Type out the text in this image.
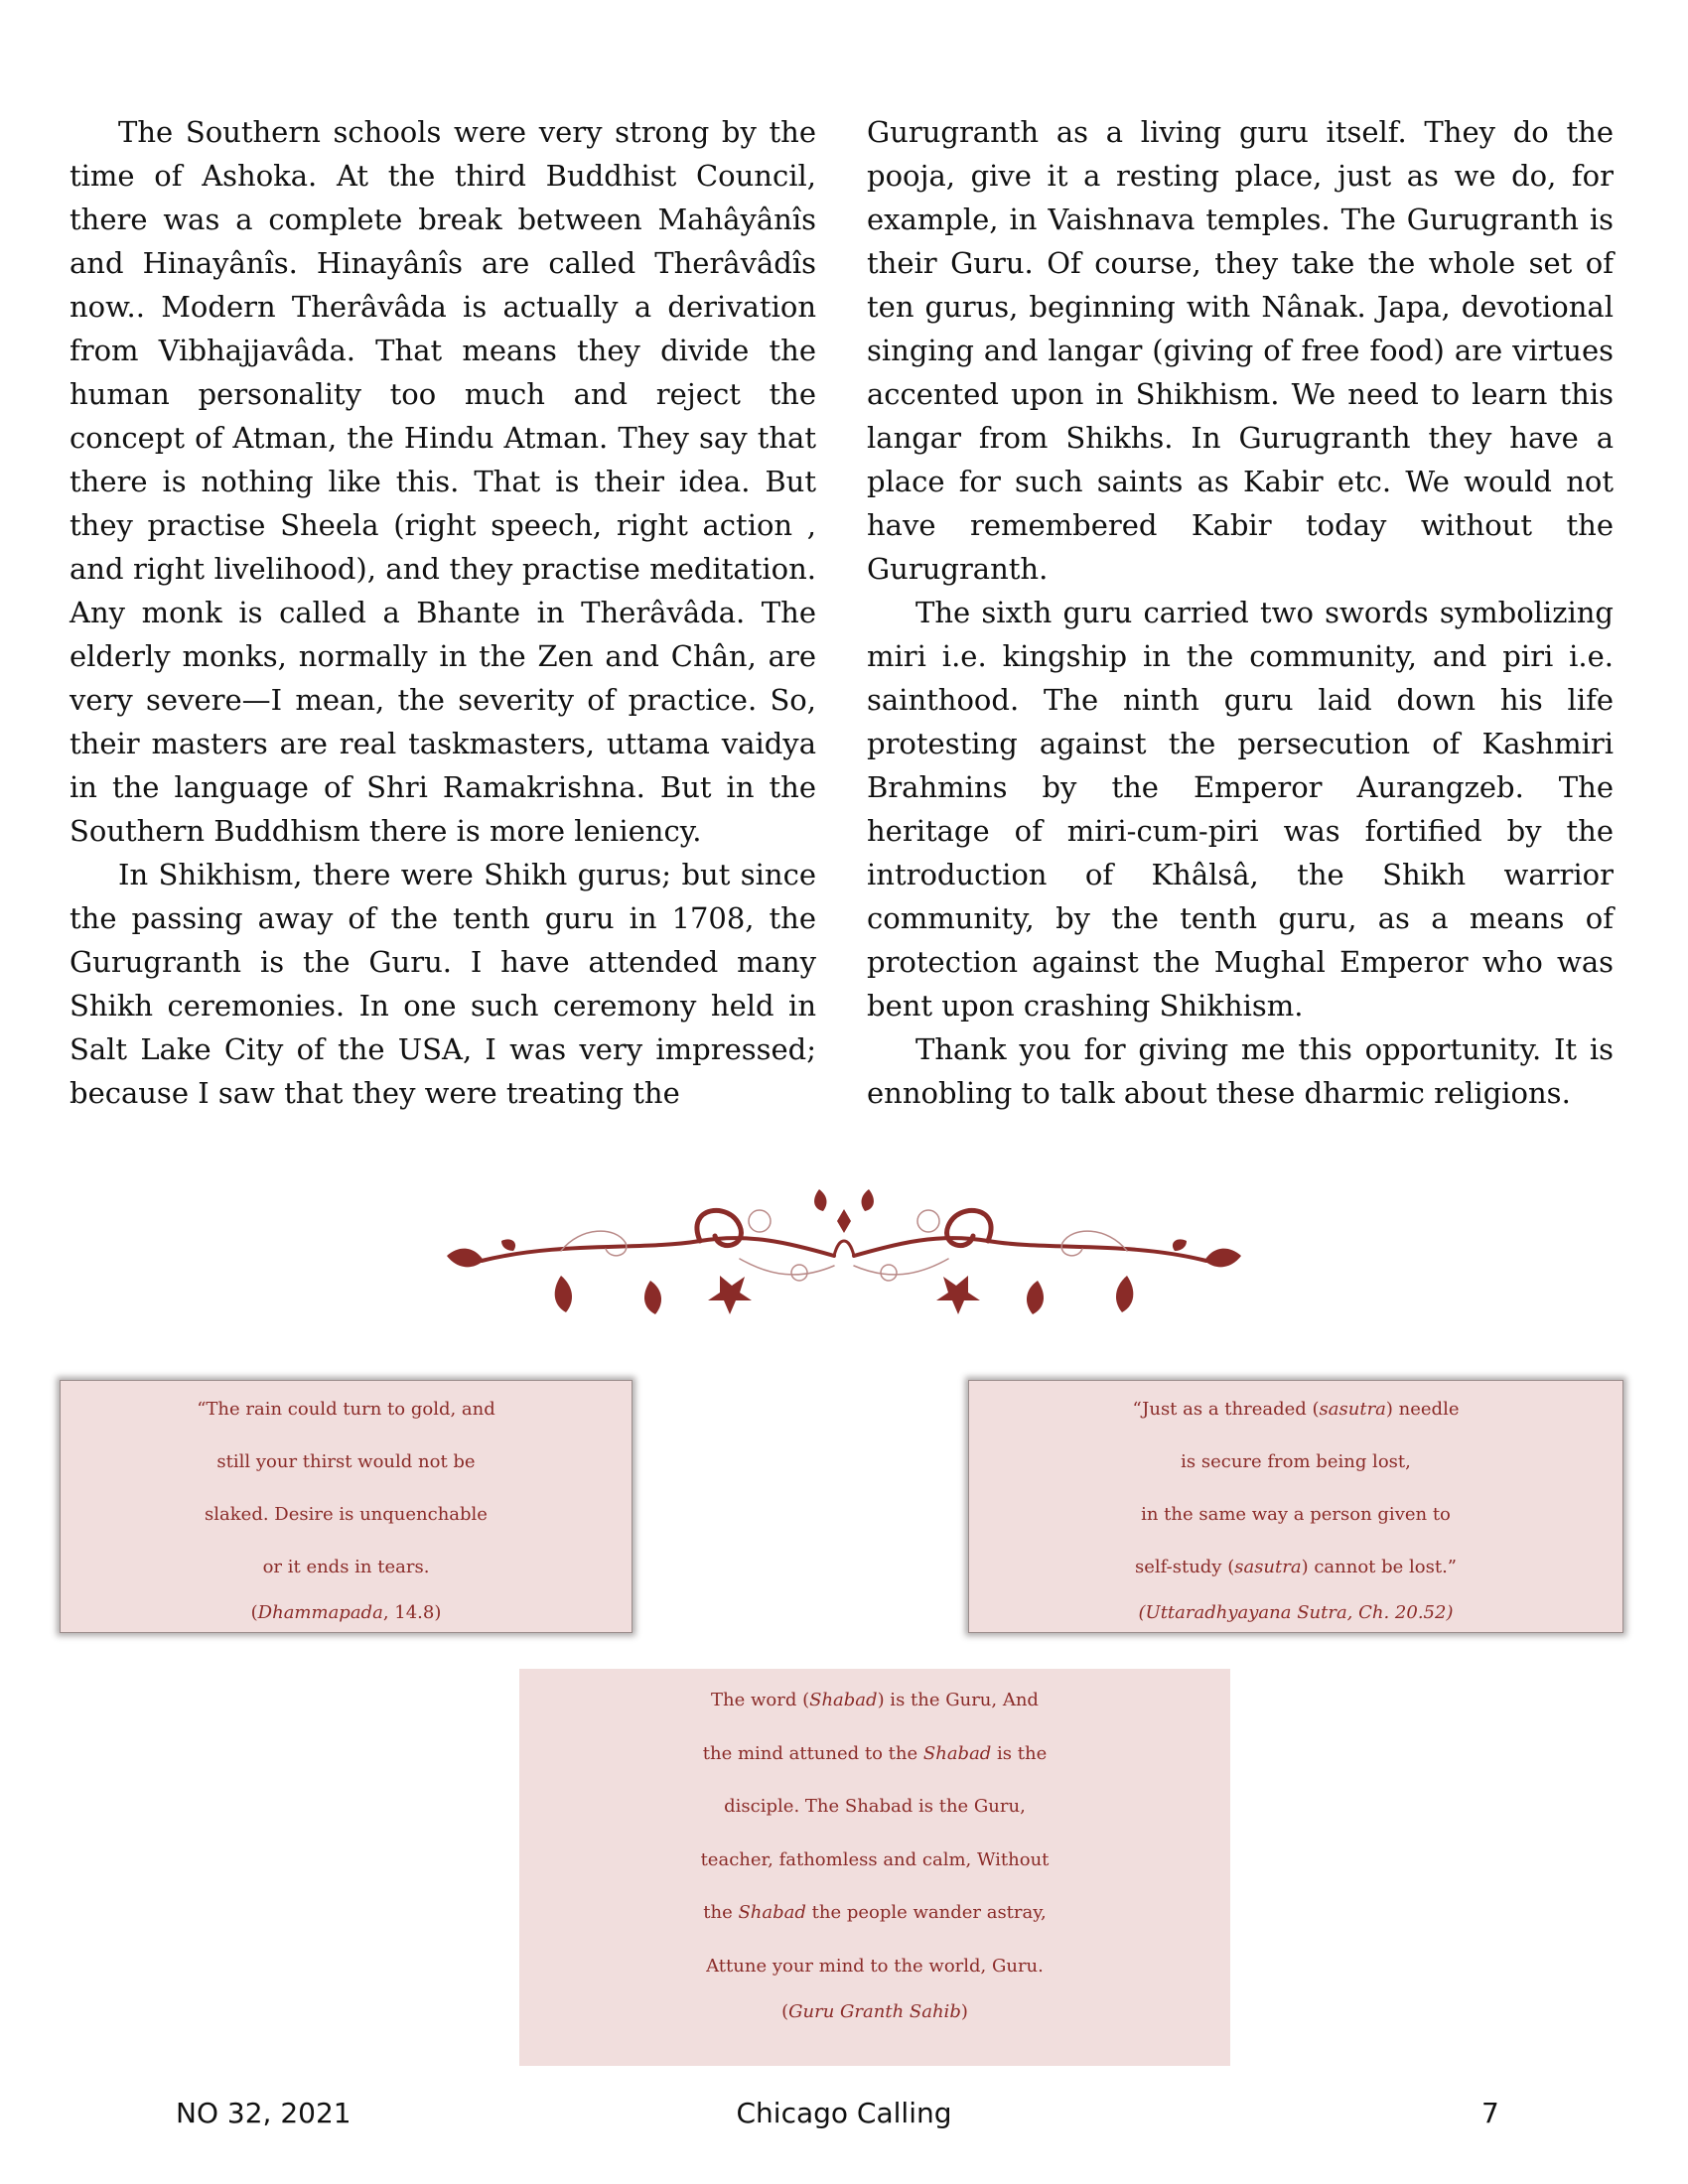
The Southern schools were very strong by the time of Ashoka. At the third Buddhist Council, there was a complete break between Mahâyânîs and Hinayânîs. Hinayânîs are called Therâvâdîs now.. Modern Therâvâda is actually a derivation from Vibhajjavâda. That means they divide the human personality too much and reject the concept of Atman, the Hindu Atman. They say that there is nothing like this. That is their idea. But they practise Sheela (right speech, right action , and right livelihood), and they practise meditation. Any monk is called a Bhante in Therâvâda. The elderly monks, normally in the Zen and Chân, are very severe—I mean, the severity of practice. So, their masters are real taskmasters, uttama vaidya in the language of Shri Ramakrishna. But in the Southern Buddhism there is more leniency.

In Shikhism, there were Shikh gurus; but since the passing away of the tenth guru in 1708, the Gurugranth is the Guru. I have attended many Shikh ceremonies. In one such ceremony held in Salt Lake City of the USA, I was very impressed; because I saw that they were treating the

Gurugranth as a living guru itself. They do the pooja, give it a resting place, just as we do, for example, in Vaishnava temples. The Gurugranth is their Guru. Of course, they take the whole set of ten gurus, beginning with Nânak. Japa, devotional singing and langar (giving of free food) are virtues accented upon in Shikhism. We need to learn this langar from Shikhs. In Gurugranth they have a place for such saints as Kabir etc. We would not have remembered Kabir today without the Gurugranth.

The sixth guru carried two swords symbolizing miri i.e. kingship in the community, and piri i.e. sainthood. The ninth guru laid down his life protesting against the persecution of Kashmiri Brahmins by the Emperor Aurangzeb. The heritage of miri-cum-piri was fortified by the introduction of Khâlsâ, the Shikh warrior community, by the tenth guru, as a means of protection against the Mughal Emperor who was bent upon crashing Shikhism.

Thank you for giving me this opportunity. It is ennobling to talk about these dharmic religions.

“The rain could turn to gold, and
still your thirst would not be
slaked. Desire is unquenchable
or it ends in tears.
(Dhammapada, 14.8)
“Just as a threaded (sasutra) needle
is secure from being lost,
in the same way a person given to
self-study (sasutra) cannot be lost.”
(Uttaradhyayana Sutra, Ch. 20.52)
The word (Shabad) is the Guru, And
the mind attuned to the Shabad is the
disciple. The Shabad is the Guru,
teacher, fathomless and calm, Without
the Shabad the people wander astray,
Attune your mind to the world, Guru.
(Guru Granth Sahib)
NO 32, 2021	Chicago Calling	7
